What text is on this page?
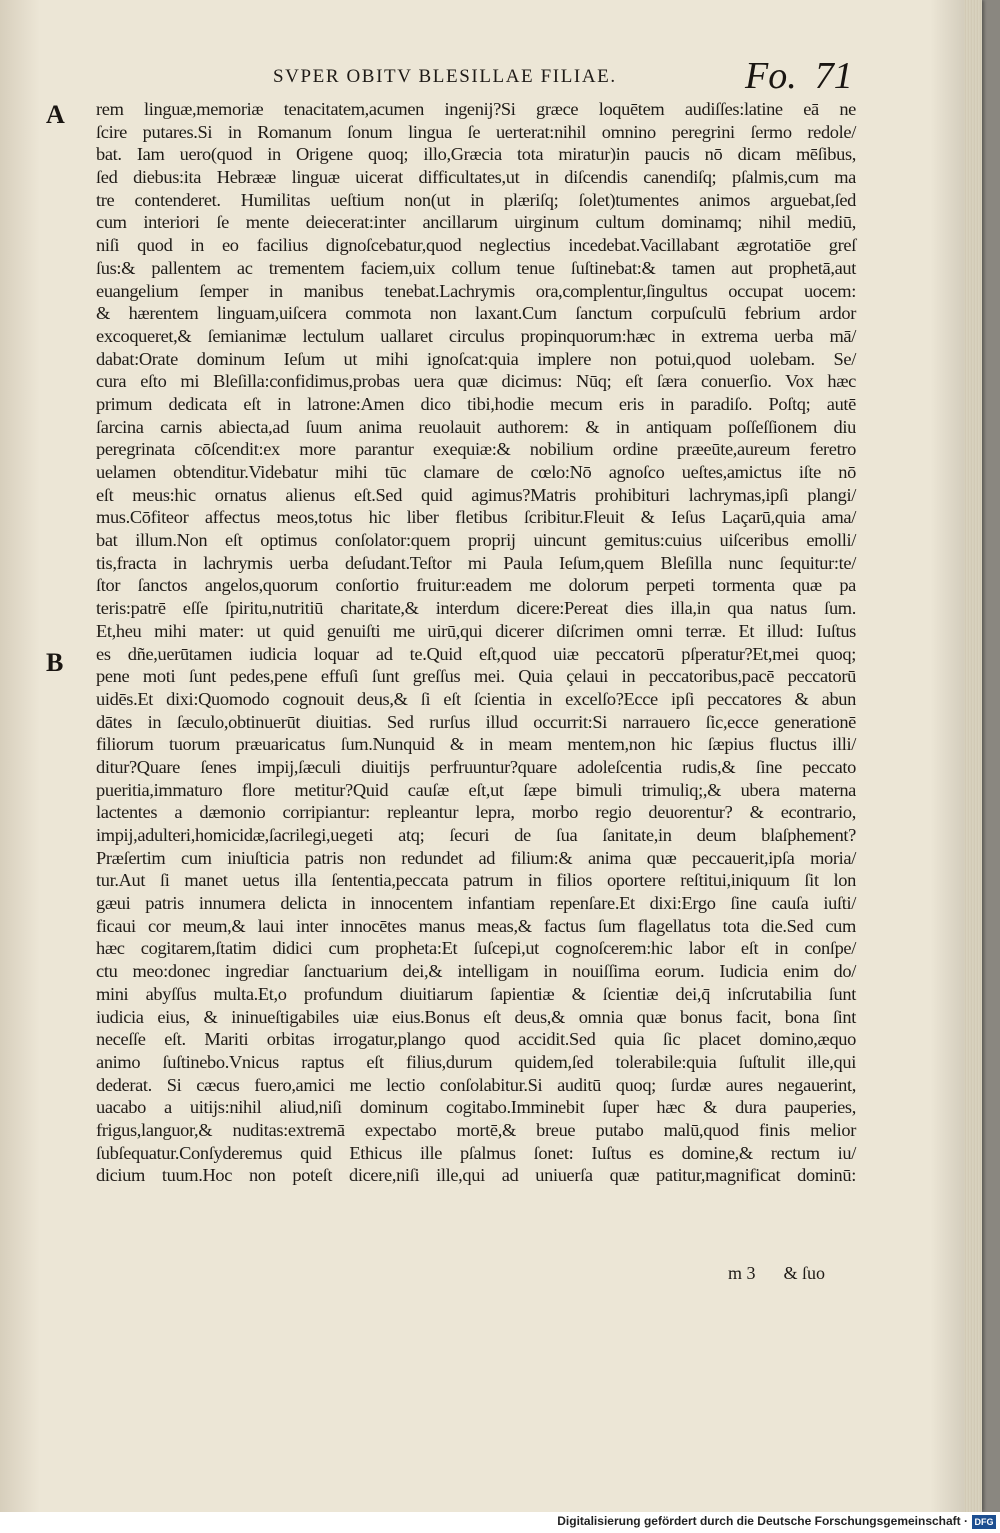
SVPER OBITV BLESILLAE FILIAE.	Fo. 71
A
B
rem linguæ,memoriæ tenacitatem,acumen ingenij?Si græce loquētem audiſſes:latine eā ne
ſcire putares.Si in Romanum ſonum lingua ſe uerterat:nihil omnino peregrini ſermo redole/
bat. Iam uero(quod in Origene quoq; illo,Græcia tota miratur)in paucis nō dicam mēſibus,
ſed diebus:ita Hebrææ linguæ uicerat difficultates,ut in diſcendis canendiſq; pſalmis,cum ma
tre contenderet. Humilitas ueſtium non(ut in plæriſq; ſolet)tumentes animos arguebat,ſed
cum interiori ſe mente deiecerat:inter ancillarum uirginum cultum dominamq; nihil mediū,
niſi quod in eo facilius dignoſcebatur,quod neglectius incedebat.Vacillabant ægrotatiōe greſ
ſus:& pallentem ac trementem faciem,uix collum tenue ſuſtinebat:& tamen aut prophetā,aut
euangelium ſemper in manibus tenebat.Lachrymis ora,complentur,ſingultus occupat uocem:
& hærentem linguam,uiſcera commota non laxant.Cum ſanctum corpuſculū febrium ardor
excoqueret,& ſemianimæ lectulum uallaret circulus propinquorum:hæc in extrema uerba mā/
dabat:Orate dominum Ieſum ut mihi ignoſcat:quia implere non potui,quod uolebam. Se/
cura eſto mi Bleſilla:confidimus,probas uera quæ dicimus: Nūq; eſt ſæra conuerſio. Vox hæc
primum dedicata eſt in latrone:Amen dico tibi,hodie mecum eris in paradiſo. Poſtq; autē
ſarcina carnis abiecta,ad ſuum anima reuolauit authorem: & in antiquam poſſeſſionem diu
peregrinata cōſcendit:ex more parantur exequiæ:& nobilium ordine præeūte,aureum feretro
uelamen obtenditur.Videbatur mihi tūc clamare de cœlo:Nō agnoſco ueſtes,amictus iſte nō
eſt meus:hic ornatus alienus eſt.Sed quid agimus?Matris prohibituri lachrymas,ipſi plangi/
mus.Cōfiteor affectus meos,totus hic liber fletibus ſcribitur.Fleuit & Ieſus Laçarū,quia ama/
bat illum.Non eſt optimus conſolator:quem proprij uincunt gemitus:cuius uiſceribus emolli/
tis,fracta in lachrymis uerba deſudant.Teſtor mi Paula Ieſum,quem Bleſilla nunc ſequitur:te/
ſtor ſanctos angelos,quorum conſortio fruitur:eadem me dolorum perpeti tormenta quæ pa
teris:patrē eſſe ſpiritu,nutritiū charitate,& interdum dicere:Pereat dies illa,in qua natus ſum.
Et,heu mihi mater: ut quid genuiſti me uirū,qui dicerer diſcrimen omni terræ. Et illud: Iuſtus
es dñe,uerūtamen iudicia loquar ad te.Quid eſt,quod uiæ peccatorū pſperatur?Et,mei quoq;
pene moti ſunt pedes,pene effuſi ſunt greſſus mei. Quia çelaui in peccatoribus,pacē peccatorū
uidēs.Et dixi:Quomodo cognouit deus,& ſi eſt ſcientia in excelſo?Ecce ipſi peccatores & abun
dātes in ſæculo,obtinuerūt diuitias. Sed rurſus illud occurrit:Si narrauero ſic,ecce generationē
filiorum tuorum præuaricatus ſum.Nunquid & in meam mentem,non hic ſæpius fluctus illi/
ditur?Quare ſenes impij,ſæculi diuitijs perfruuntur?quare adoleſcentia rudis,& ſine peccato
pueritia,immaturo flore metitur?Quid cauſæ eſt,ut ſæpe bimuli trimuliq;,& ubera materna
lactentes a dæmonio corripiantur: repleantur lepra, morbo regio deuorentur? & econtrario,
impij,adulteri,homicidæ,ſacrilegi,uegeti atq; ſecuri de ſua ſanitate,in deum blaſphement?
Præſertim cum iniuſticia patris non redundet ad filium:& anima quæ peccauerit,ipſa moria/
tur.Aut ſi manet uetus illa ſententia,peccata patrum in filios oportere reſtitui,iniquum ſit lon
gæui patris innumera delicta in innocentem infantiam repenſare.Et dixi:Ergo ſine cauſa iuſti/
ficaui cor meum,& laui inter innocētes manus meas,& factus ſum flagellatus tota die.Sed cum
hæc cogitarem,ſtatim didici cum propheta:Et ſuſcepi,ut cognoſcerem:hic labor eſt in conſpe/
ctu meo:donec ingrediar ſanctuarium dei,& intelligam in nouiſſima eorum. Iudicia enim do/
mini abyſſus multa.Et,o profundum diuitiarum ſapientiæ & ſcientiæ dei,q̄ inſcrutabilia ſunt
iudicia eius, & ininueſtigabiles uiæ eius.Bonus eſt deus,& omnia quæ bonus facit, bona ſint
neceſſe eſt. Mariti orbitas irrogatur,plango quod accidit.Sed quia ſic placet domino,æquo
animo ſuſtinebo.Vnicus raptus eſt filius,durum quidem,ſed tolerabile:quia ſuſtulit ille,qui
dederat. Si cæcus fuero,amici me lectio conſolabitur.Si auditū quoq; ſurdæ aures negauerint,
uacabo a uitijs:nihil aliud,niſi dominum cogitabo.Imminebit ſuper hæc & dura pauperies,
frigus,languor,& nuditas:extremā expectabo mortē,& breue putabo malū,quod finis melior
ſubſequatur.Conſyderemus quid Ethicus ille pſalmus ſonet: Iuſtus es domine,& rectum iu/
dicium tuum.Hoc non poteſt dicere,niſi ille,qui ad uniuerſa quæ patitur,magnificat dominū:
m 3 & ſuo
Digitalisierung gefördert durch die Deutsche Forschungsgemeinschaft · DFG
